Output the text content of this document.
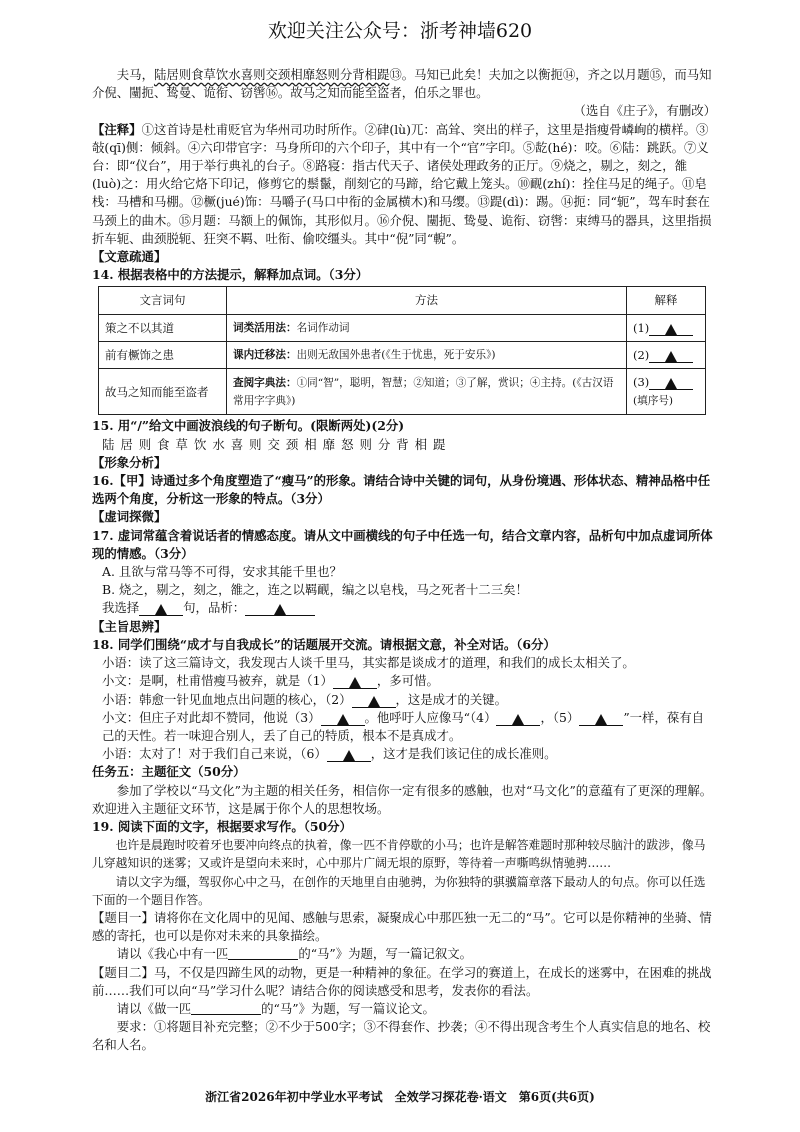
欢迎关注公众号：浙考神墙620

夫马，陆居则食草饮水喜则交颈相靡怒则分背相踶⑬。马知已此矣！夫加之以衡扼⑭，齐之以月题⑮，而马知介倪、闉扼、鸷曼、诡衔、窃辔⑯。故马之知而能至盗者，伯乐之罪也。

（选自《庄子》，有删改）

【注释】①这首诗是杜甫贬官为华州司功时所作。②硉(lù)兀：高耸、突出的样子，这里是指瘦骨嶙峋的横样。③敧(qī)侧：倾斜。④六印带官字：马身所印的六个印子，其中有一个“官”字印。⑤龁(hé)：咬。⑥陆：跳跃。⑦义台：即“仪台”，用于举行典礼的台子。⑧路寝：指古代天子、诸侯处理政务的正厅。⑨烧之，剔之，刻之，雒(luò)之：用火给它烙下印记，修剪它的鬃鬣，削刻它的马蹄，给它戴上笼头。⑩䩄(zhí)：拴住马足的绳子。⑪皂栈：马槽和马棚。⑫橛(jué)饰：马嚼子(马口中衔的金属横木)和马缨。⑬踶(dì)：踢。⑭扼：同“轭”，驾车时套在马颈上的曲木。⑮月题：马额上的佩饰，其形似月。⑯介倪、闉扼、鸷曼、诡衔、窃辔：束缚马的器具，这里指损折车轭、曲颈脱轭、狂突不羁、吐衔、偷咬缰头。其中“倪”同“輗”。

【文意疏通】

14. 根据表格中的方法提示，解释加点词。（3分）

文言词句	方法	解释
策之不以其道	词类活用法：名词作动词	(1)
前有橛饰之患	课内迁移法：出则无敌国外患者(《生于忧患，死于安乐》)	(2)
故马之知而能至盗者	查阅字典法：①同“智”，聪明，智慧；②知道；③了解，赏识；④主持。(《古汉语常用字字典》)	(3)
(填序号)

15. 用“/”给文中画波浪线的句子断句。(限断两处)(2分)

陆居则食草饮水喜则交颈相靡怒则分背相踶

【形象分析】

16.【甲】诗通过多个角度塑造了“瘦马”的形象。请结合诗中关键的词句，从身份境遇、形体状态、精神品格中任选两个角度，分析这一形象的特点。（3分）

【虚词探微】

17. 虚词常蕴含着说话者的情感态度。请从文中画横线的句子中任选一句，结合文章内容，品析句中加点虚词所体现的情感。（3分）

A. 且欲与常马等不可得，安求其能千里也？

B. 烧之，剔之，刻之，雒之，连之以羁䩄，编之以皂栈，马之死者十二三矣！

我选择	句，品析：

【主旨思辨】

18. 同学们围绕“成才与自我成长”的话题展开交流。请根据文意，补全对话。（6分）

小语：读了这三篇诗文，我发现古人谈千里马，其实都是谈成才的道理，和我们的成长太相关了。

小文：是啊，杜甫惜瘦马被弃，就是（1）	，多可惜。

小语：韩愈一针见血地点出问题的核心，（2）	，这是成才的关键。

小文：但庄子对此却不赞同，他说（3）	。他呼吁人应像马“（4）	，（5）	”一样，葆有自己的天性。若一味迎合别人，丢了自己的特质，根本不是真成才。

小语：太对了！对于我们自己来说，（6）	，这才是我们该记住的成长准则。

任务五：主题征文（50分）

参加了学校以“马文化”为主题的相关任务，相信你一定有很多的感触，也对“马文化”的意蕴有了更深的理解。欢迎进入主题征文环节，这是属于你个人的思想牧场。

19. 阅读下面的文字，根据要求写作。（50分）

也许是晨跑时咬着牙也要冲向终点的执着，像一匹不肯停歇的小马；也许是解答难题时那种较尽脑汁的跋涉，像马儿穿越知识的迷雾；又或许是望向未来时，心中那片广阔无垠的原野，等待着一声嘶鸣纵情驰骋……

请以文字为缰，驾驭你心中之马，在创作的天地里自由驰骋，为你独特的骐骥篇章落下最动人的句点。你可以任选下面的一个题目作答。

【题目一】请将你在文化周中的见闻、感触与思索，凝聚成心中那匹独一无二的“马”。它可以是你精神的坐骑、情感的寄托，也可以是你对未来的具象描绘。

请以《我心中有一匹	的“马”》为题，写一篇记叙文。

【题目二】马，不仅是四蹄生风的动物，更是一种精神的象征。在学习的赛道上，在成长的迷雾中，在困难的挑战前……我们可以向“马”学习什么呢？请结合你的阅读感受和思考，发表你的看法。

请以《做一匹	的“马”》为题，写一篇议论文。

要求：①将题目补充完整；②不少于500字；③不得套作、抄袭；④不得出现含考生个人真实信息的地名、校名和人名。

浙江省2026年初中学业水平考试　全效学习探花卷·语文　第6页(共6页)
